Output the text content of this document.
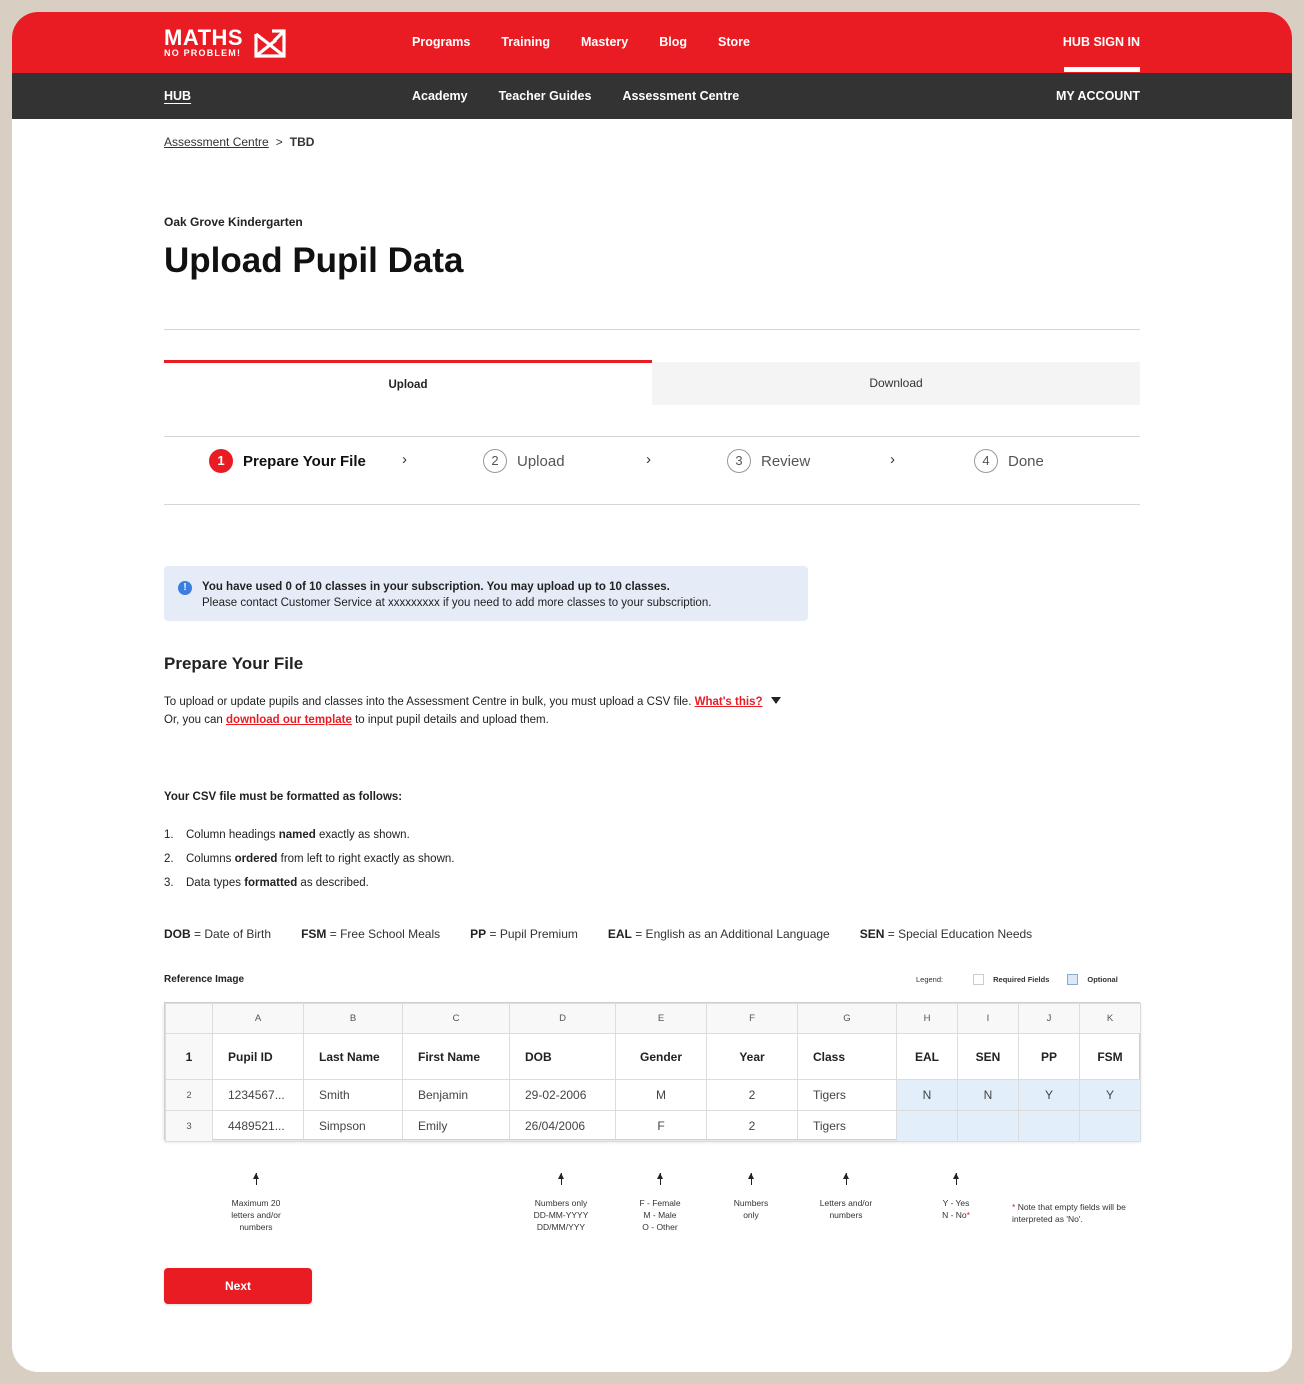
MATHS
NO PROBLEM!
Programs Training Mastery Blog Store	HUB SIGN IN
HUB	Academy Teacher Guides Assessment Centre	MY ACCOUNT
Assessment Centre > TBD
Oak Grove Kindergarten
Upload Pupil Data
Upload	Download
1	Prepare Your File ›	2	Upload	›	3	Review	›	4	Done
!	You have used 0 of 10 classes in your subscription. You may upload up to 10 classes.
Please contact Customer Service at xxxxxxxxx if you need to add more classes to your subscription.
Prepare Your File
To upload or update pupils and classes into the Assessment Centre in bulk, you must upload a CSV file. What's this?
Or, you can download our template to input pupil details and upload them.
Your CSV file must be formatted as follows:
1. Column headings named exactly as shown.
2. Columns ordered from left to right exactly as shown.
3. Data types formatted as described.
DOB = Date of Birth	FSM = Free School Meals	PP = Pupil Premium	EAL = English as an Additional Language	SEN = Special Education Needs
Reference Image	Legend:	Required Fields	Optional
	A	B	C	D	E	F	G	H	I	J	K
1	Pupil ID	Last Name	First Name	DOB	Gender	Year	Class	EAL	SEN	PP	FSM
2	1234567...	Smith	Benjamin	29-02-2006	M	2	Tigers	N	N	Y	Y
3	4489521...	Simpson	Emily	26/04/2006	F	2	Tigers				
Maximum 20
letters and/or
numbers
Numbers only
DD-MM-YYYY
DD/MM/YYY
F - Female
M - Male
O - Other
Numbers
only
Letters and/or
numbers
Y - Yes
N - No*
* Note that empty fields will be interpreted as 'No'.
Next
